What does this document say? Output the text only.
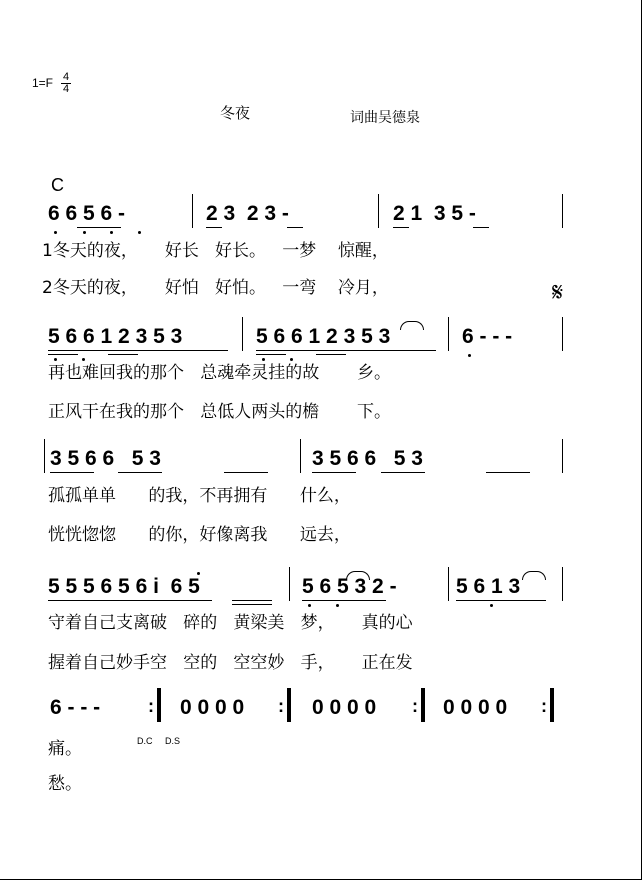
1=F 4
4
冬夜	词曲吴德泉
C
6 6 5 6 -	2 3  2 3 -	2 1  3 5 -
1冬天的夜，     好长   好长。   一梦    惊醒，
2冬天的夜，     好怕   好怕。   一弯    冷月，	𝄋
5 6 6 1 2 3 5 3	5 6 6 1 2 3 5 3	6 - - -
再也难回我的那个   总魂牵灵挂的故       乡。
正风干在我的那个   总低人两头的檐       下。
3 5 6 6   5 3	3 5 6 6   5 3
孤孤单单      的我，不再拥有      什么，
恍恍惚惚      的你，好像离我      远去，
5 5 5 6 5 6 i  6 5	5 6 5 3 2 -	5 6 1 3
守着自己支离破   碎的   黄梁美   梦，     真的心
握着自己妙手空   空的   空空妙   手，     正在发
6 - - -	: 0 0 0 0 : 0 0 0 0 : 0 0 0 0 :
痛。	D.C D.S
愁。
